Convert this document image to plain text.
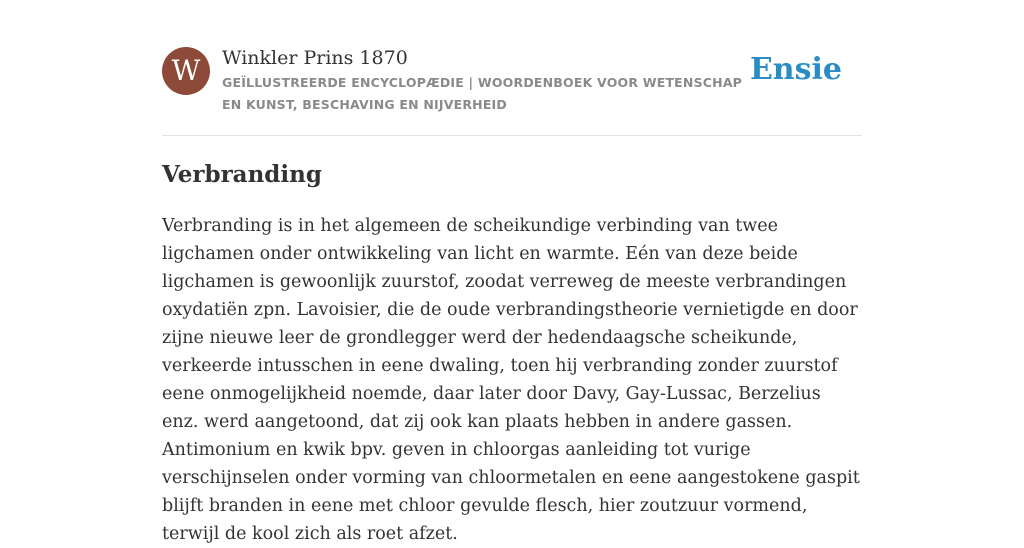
W	Winkler Prins 1870
GEÏLLUSTREERDE ENCYCLOPÆDIE | WOORDENBOEK VOOR WETENSCHAP EN KUNST, BESCHAVING EN NIJVERHEID
Ensie
Verbranding

Verbranding is in het algemeen de scheikundige verbinding van twee ligchamen onder ontwikkeling van licht en warmte. Eén van deze beide ligchamen is gewoonlijk zuurstof, zoodat verreweg de meeste verbrandingen oxydatiën zpn. Lavoisier, die de oude verbrandingstheorie vernietigde en door zijne nieuwe leer de grondlegger werd der hedendaagsche scheikunde, verkeerde intusschen in eene dwaling, toen hij verbranding zonder zuurstof eene onmogelijkheid noemde, daar later door Davy, Gay-Lussac, Berzelius enz. werd aangetoond, dat zij ook kan plaats hebben in andere gassen. Antimonium en kwik bpv. geven in chloorgas aanleiding tot vurige verschijnselen onder vorming van chloormetalen en eene aangestokene gaspit blijft branden in eene met chloor gevulde flesch, hier zoutzuur vormend, terwijl de kool zich als roet afzet.
